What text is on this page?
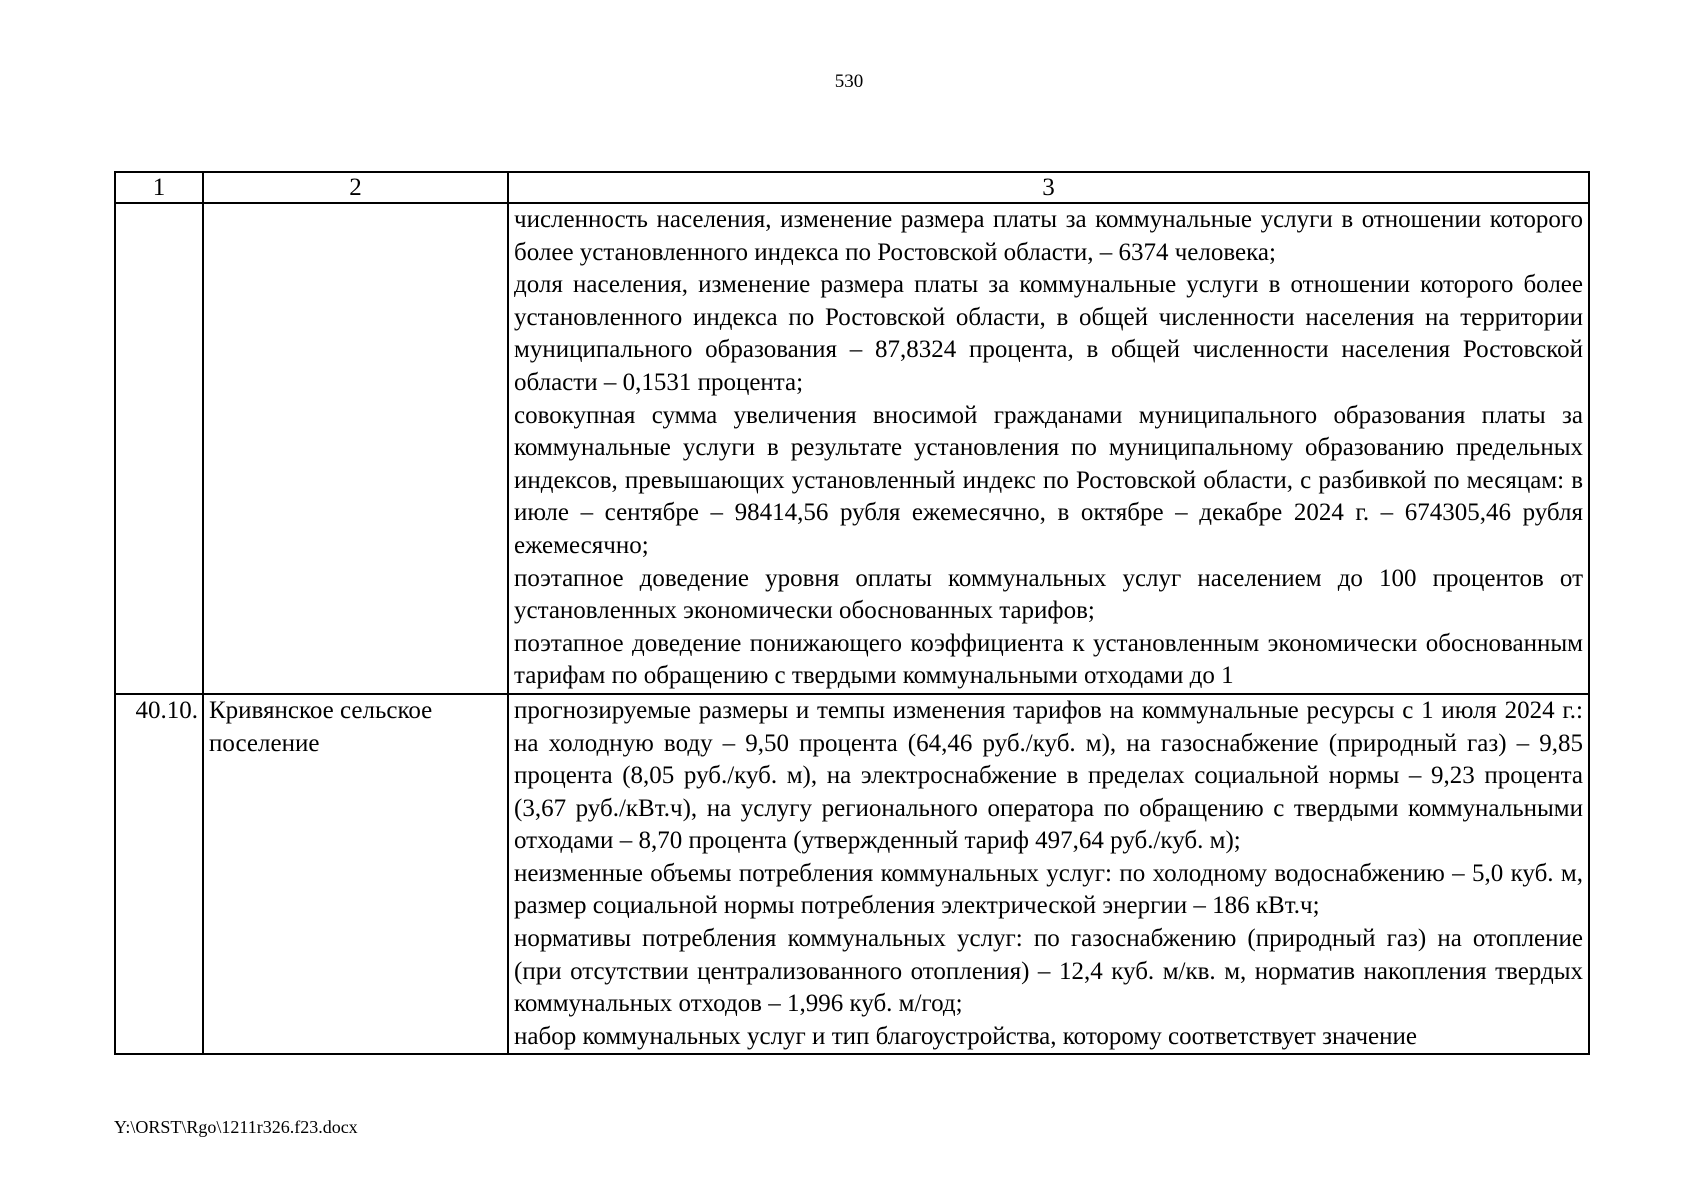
530
1	2	3

		численность населения, изменение размера платы за коммунальные услуги в отношении которого более установленного индекса по Ростовской области, – 6374 человека;

доля населения, изменение размера платы за коммунальные услуги в отношении которого более установленного индекса по Ростовской области, в общей численности населения на территории муниципального образования – 87,8324 процента, в общей численности населения Ростовской области – 0,1531 процента;

совокупная сумма увеличения вносимой гражданами муниципального образования платы за коммунальные услуги в результате установления по муниципальному образованию предельных индексов, превышающих установленный индекс по Ростовской области, с разбивкой по месяцам: в июле – сентябре – 98414,56 рубля ежемесячно, в октябре – декабре 2024 г. – 674305,46 рубля ежемесячно;

поэтапное доведение уровня оплаты коммунальных услуг населением до 100 процентов от установленных экономически обоснованных тарифов;

поэтапное доведение понижающего коэффициента к установленным экономически обоснованным тарифам по обращению с твердыми коммунальными отходами до 1

40.10.	Кривянское сельское поселение	прогнозируемые размеры и темпы изменения тарифов на коммунальные ресурсы с 1 июля 2024 г.: на холодную воду – 9,50 процента (64,46 руб./куб. м), на газоснабжение (природный газ) – 9,85 процента (8,05 руб./куб. м), на электроснабжение в пределах социальной нормы – 9,23 процента (3,67 руб./кВт.ч), на услугу регионального оператора по обращению с твердыми коммунальными отходами – 8,70 процента (утвержденный тариф 497,64 руб./куб. м);

неизменные объемы потребления коммунальных услуг: по холодному водоснабжению – 5,0 куб. м, размер социальной нормы потребления электрической энергии – 186 кВт.ч;

нормативы потребления коммунальных услуг: по газоснабжению (природный газ) на отопление (при отсутствии централизованного отопления) – 12,4 куб. м/кв. м, норматив накопления твердых коммунальных отходов – 1,996 куб. м/год;

набор коммунальных услуг и тип благоустройства, которому соответствует значение

Y:\ORST\Rgo\1211r326.f23.docx
